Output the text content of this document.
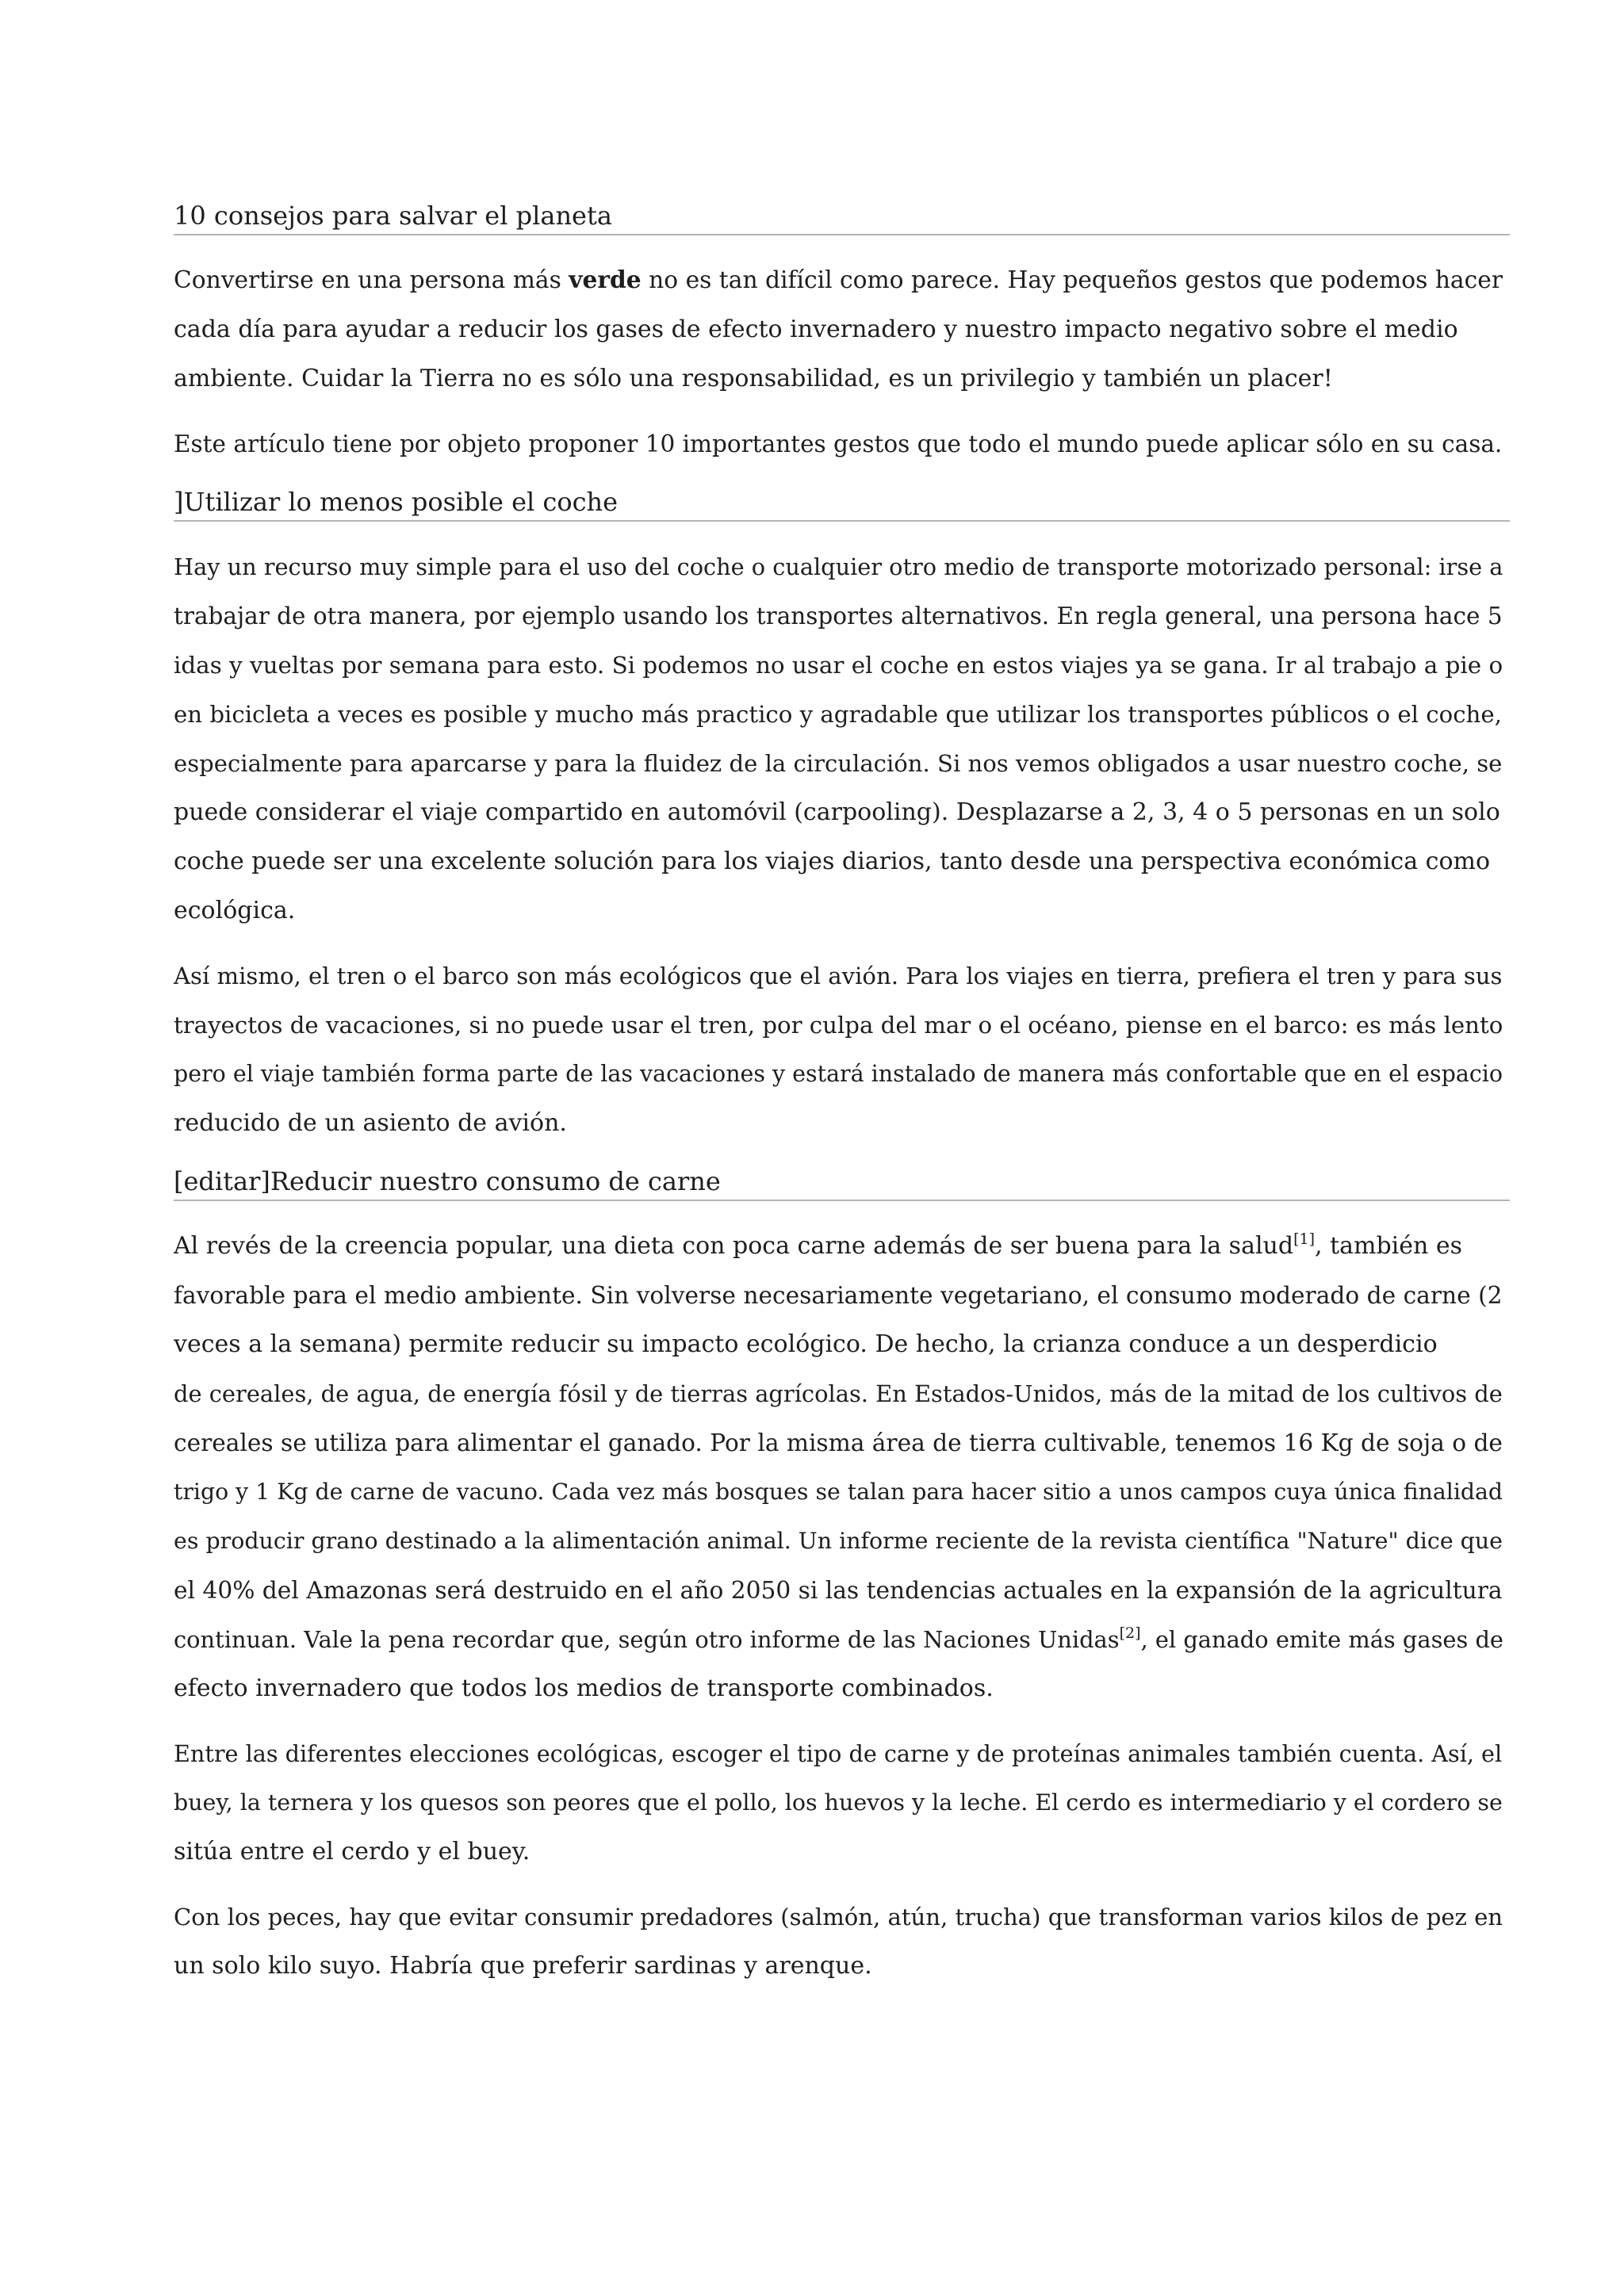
10 consejos para salvar el planeta
Convertirse en una persona más verde no es tan difícil como parece. Hay pequeños gestos que podemos hacer
cada día para ayudar a reducir los gases de efecto invernadero y nuestro impacto negativo sobre el medio
ambiente. Cuidar la Tierra no es sólo una responsabilidad, es un privilegio y también un placer!
Este artículo tiene por objeto proponer 10 importantes gestos que todo el mundo puede aplicar sólo en su casa.
]Utilizar lo menos posible el coche
Hay un recurso muy simple para el uso del coche o cualquier otro medio de transporte motorizado personal: irse a
trabajar de otra manera, por ejemplo usando los transportes alternativos. En regla general, una persona hace 5
idas y vueltas por semana para esto. Si podemos no usar el coche en estos viajes ya se gana. Ir al trabajo a pie o
en bicicleta a veces es posible y mucho más practico y agradable que utilizar los transportes públicos o el coche,
especialmente para aparcarse y para la fluidez de la circulación. Si nos vemos obligados a usar nuestro coche, se
puede considerar el viaje compartido en automóvil (carpooling). Desplazarse a 2, 3, 4 o 5 personas en un solo
coche puede ser una excelente solución para los viajes diarios, tanto desde una perspectiva económica como
ecológica.
Así mismo, el tren o el barco son más ecológicos que el avión. Para los viajes en tierra, prefiera el tren y para sus
trayectos de vacaciones, si no puede usar el tren, por culpa del mar o el océano, piense en el barco: es más lento
pero el viaje también forma parte de las vacaciones y estará instalado de manera más confortable que en el espacio
reducido de un asiento de avión.
[editar]Reducir nuestro consumo de carne
Al revés de la creencia popular, una dieta con poca carne además de ser buena para la salud[1], también es
favorable para el medio ambiente. Sin volverse necesariamente vegetariano, el consumo moderado de carne (2
veces a la semana) permite reducir su impacto ecológico. De hecho, la crianza conduce a un desperdicio
de cereales, de agua, de energía fósil y de tierras agrícolas. En Estados-Unidos, más de la mitad de los cultivos de
cereales se utiliza para alimentar el ganado. Por la misma área de tierra cultivable, tenemos 16 Kg de soja o de
trigo y 1 Kg de carne de vacuno. Cada vez más bosques se talan para hacer sitio a unos campos cuya única finalidad
es producir grano destinado a la alimentación animal. Un informe reciente de la revista científica "Nature" dice que
el 40% del Amazonas será destruido en el año 2050 si las tendencias actuales en la expansión de la agricultura
continuan. Vale la pena recordar que, según otro informe de las Naciones Unidas[2], el ganado emite más gases de
efecto invernadero que todos los medios de transporte combinados.
Entre las diferentes elecciones ecológicas, escoger el tipo de carne y de proteínas animales también cuenta. Así, el
buey, la ternera y los quesos son peores que el pollo, los huevos y la leche. El cerdo es intermediario y el cordero se
sitúa entre el cerdo y el buey.
Con los peces, hay que evitar consumir predadores (salmón, atún, trucha) que transforman varios kilos de pez en
un solo kilo suyo. Habría que preferir sardinas y arenque.
